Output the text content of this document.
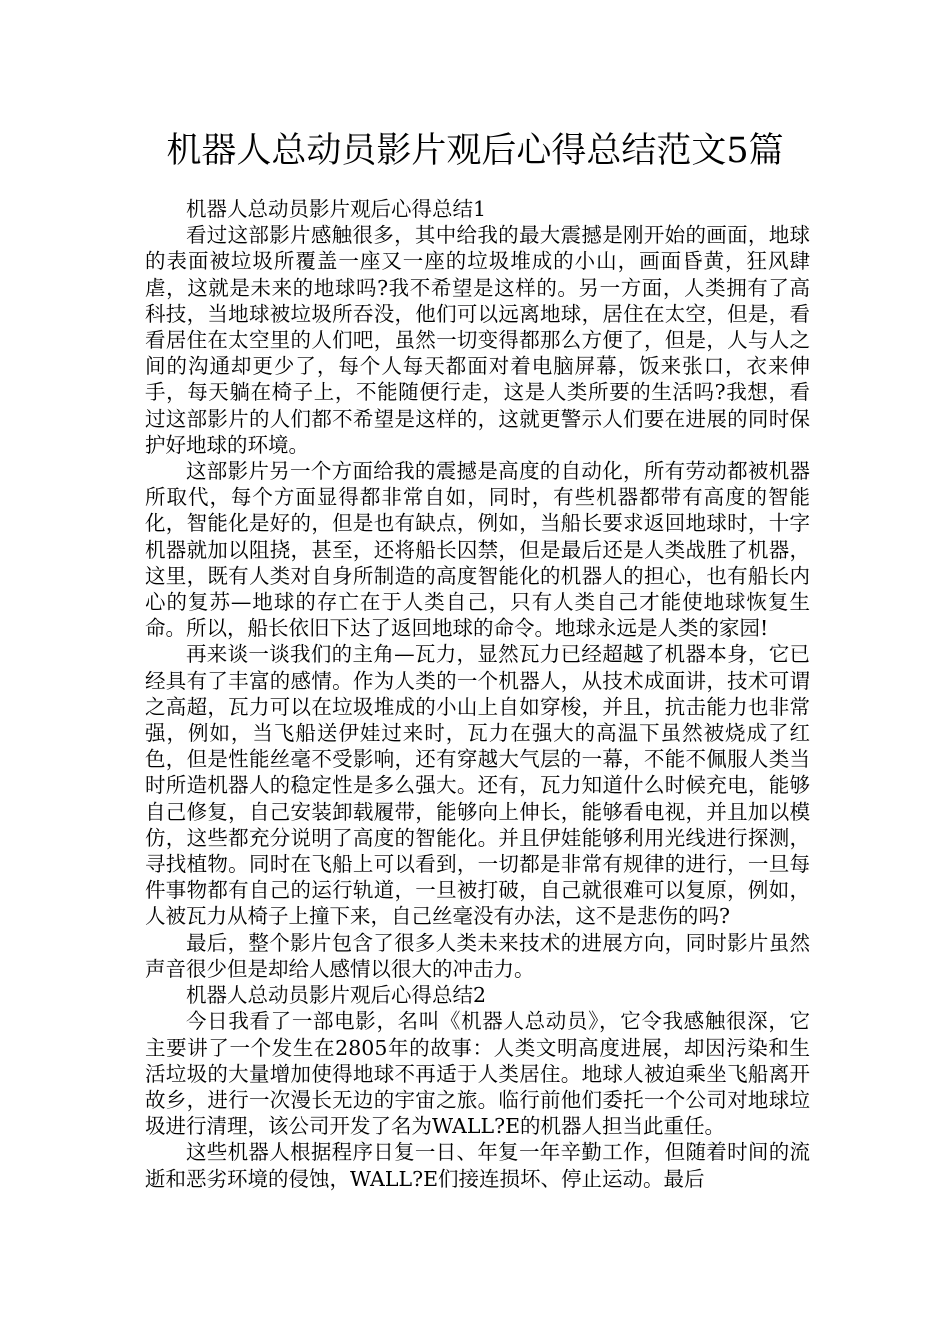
机器人总动员影片观后心得总结范文5篇

机器人总动员影片观后心得总结1

看过这部影片感触很多，其中给我的最大震撼是刚开始的画面，地球的表面被垃圾所覆盖一座又一座的垃圾堆成的小山，画面昏黄，狂风肆虐，这就是未来的地球吗?我不希望是这样的。另一方面，人类拥有了高科技，当地球被垃圾所吞没，他们可以远离地球，居住在太空，但是，看看居住在太空里的人们吧，虽然一切变得都那么方便了，但是，人与人之间的沟通却更少了，每个人每天都面对着电脑屏幕，饭来张口，衣来伸手，每天躺在椅子上，不能随便行走，这是人类所要的生活吗?我想，看过这部影片的人们都不希望是这样的，这就更警示人们要在进展的同时保护好地球的环境。

这部影片另一个方面给我的震撼是高度的自动化，所有劳动都被机器所取代，每个方面显得都非常自如，同时，有些机器都带有高度的智能化，智能化是好的，但是也有缺点，例如，当船长要求返回地球时，十字机器就加以阻挠，甚至，还将船长囚禁，但是最后还是人类战胜了机器，这里，既有人类对自身所制造的高度智能化的机器人的担心，也有船长内心的复苏—地球的存亡在于人类自己，只有人类自己才能使地球恢复生命。所以，船长依旧下达了返回地球的命令。地球永远是人类的家园!

再来谈一谈我们的主角—瓦力，显然瓦力已经超越了机器本身，它已经具有了丰富的感情。作为人类的一个机器人，从技术成面讲，技术可谓之高超，瓦力可以在垃圾堆成的小山上自如穿梭，并且，抗击能力也非常强，例如，当飞船送伊娃过来时，瓦力在强大的高温下虽然被烧成了红色，但是性能丝毫不受影响，还有穿越大气层的一幕，不能不佩服人类当时所造机器人的稳定性是多么强大。还有，瓦力知道什么时候充电，能够自己修复，自己安装卸载履带，能够向上伸长，能够看电视，并且加以模仿，这些都充分说明了高度的智能化。并且伊娃能够利用光线进行探测，寻找植物。同时在飞船上可以看到，一切都是非常有规律的进行，一旦每件事物都有自己的运行轨道，一旦被打破，自己就很难可以复原，例如，人被瓦力从椅子上撞下来，自己丝毫没有办法，这不是悲伤的吗?

最后，整个影片包含了很多人类未来技术的进展方向，同时影片虽然声音很少但是却给人感情以很大的冲击力。

机器人总动员影片观后心得总结2

今日我看了一部电影，名叫《机器人总动员》，它令我感触很深，它主要讲了一个发生在2805年的故事：人类文明高度进展，却因污染和生活垃圾的大量增加使得地球不再适于人类居住。地球人被迫乘坐飞船离开故乡，进行一次漫长无边的宇宙之旅。临行前他们委托一个公司对地球垃圾进行清理，该公司开发了名为WALL?E的机器人担当此重任。

这些机器人根据程序日复一日、年复一年辛勤工作，但随着时间的流逝和恶劣环境的侵蚀，WALL?E们接连损坏、停止运动。最后
